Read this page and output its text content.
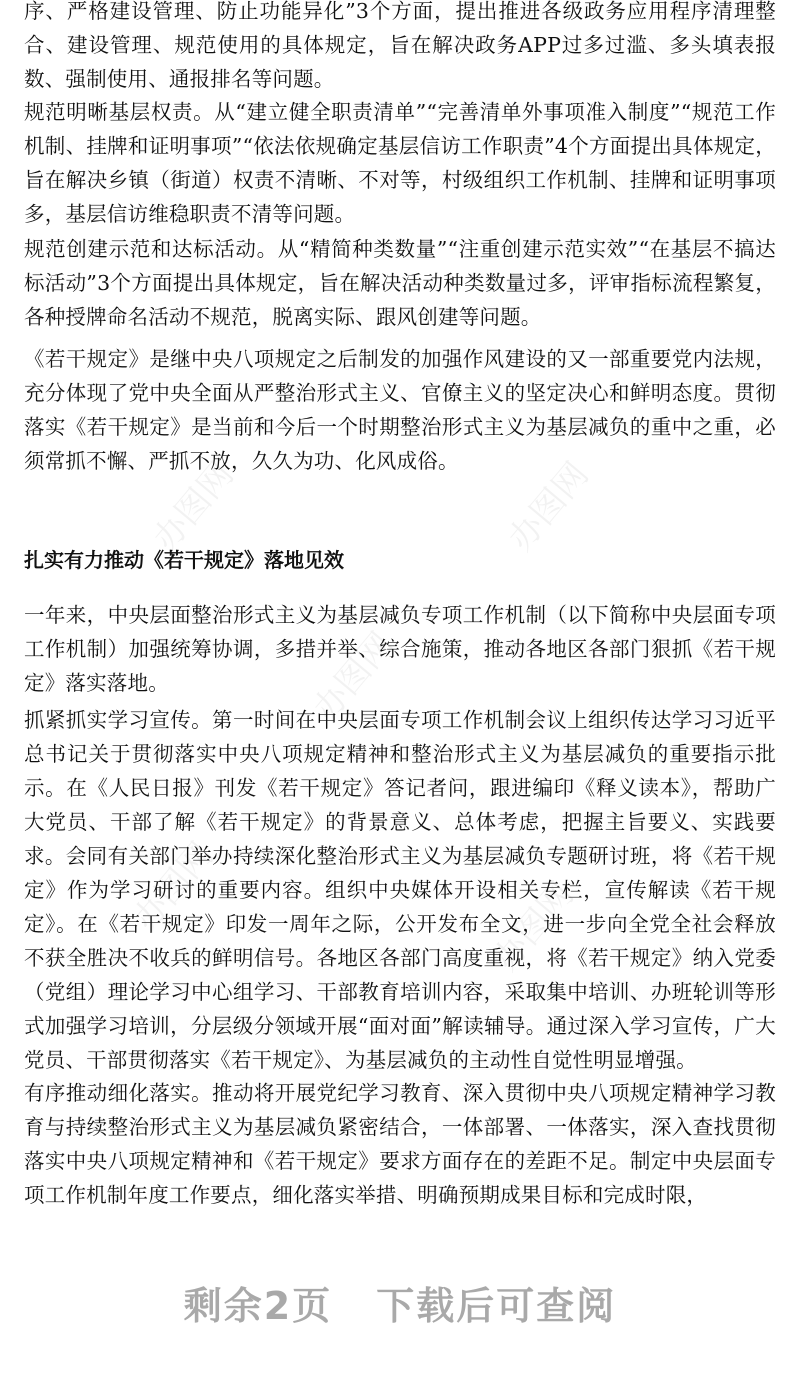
办图网	办图网
办图网
办图网	办图网

序、严格建设管理、防止功能异化”3个方面，提出推进各级政务应用程序清理整合、建设管理、规范使用的具体规定，旨在解决政务APP过多过滥、多头填表报数、强制使用、通报排名等问题。

规范明晰基层权责。从“建立健全职责清单”“完善清单外事项准入制度”“规范工作机制、挂牌和证明事项”“依法依规确定基层信访工作职责”4个方面提出具体规定，旨在解决乡镇（街道）权责不清晰、不对等，村级组织工作机制、挂牌和证明事项多，基层信访维稳职责不清等问题。

规范创建示范和达标活动。从“精简种类数量”“注重创建示范实效”“在基层不搞达标活动”3个方面提出具体规定，旨在解决活动种类数量过多，评审指标流程繁复，各种授牌命名活动不规范，脱离实际、跟风创建等问题。

《若干规定》是继中央八项规定之后制发的加强作风建设的又一部重要党内法规，充分体现了党中央全面从严整治形式主义、官僚主义的坚定决心和鲜明态度。贯彻落实《若干规定》是当前和今后一个时期整治形式主义为基层减负的重中之重，必须常抓不懈、严抓不放，久久为功、化风成俗。

扎实有力推动《若干规定》落地见效

一年来，中央层面整治形式主义为基层减负专项工作机制（以下简称中央层面专项工作机制）加强统筹协调，多措并举、综合施策，推动各地区各部门狠抓《若干规定》落实落地。

抓紧抓实学习宣传。第一时间在中央层面专项工作机制会议上组织传达学习习近平总书记关于贯彻落实中央八项规定精神和整治形式主义为基层减负的重要指示批示。在《人民日报》刊发《若干规定》答记者问，跟进编印《释义读本》，帮助广大党员、干部了解《若干规定》的背景意义、总体考虑，把握主旨要义、实践要求。会同有关部门举办持续深化整治形式主义为基层减负专题研讨班，将《若干规定》作为学习研讨的重要内容。组织中央媒体开设相关专栏，宣传解读《若干规定》。在《若干规定》印发一周年之际，公开发布全文，进一步向全党全社会释放不获全胜决不收兵的鲜明信号。各地区各部门高度重视，将《若干规定》纳入党委（党组）理论学习中心组学习、干部教育培训内容，采取集中培训、办班轮训等形式加强学习培训，分层级分领域开展“面对面”解读辅导。通过深入学习宣传，广大党员、干部贯彻落实《若干规定》、为基层减负的主动性自觉性明显增强。

有序推动细化落实。推动将开展党纪学习教育、深入贯彻中央八项规定精神学习教育与持续整治形式主义为基层减负紧密结合，一体部署、一体落实，深入查找贯彻落实中央八项规定精神和《若干规定》要求方面存在的差距不足。制定中央层面专项工作机制年度工作要点，细化落实举措、明确预期成果目标和完成时限，

剩余2页 下载后可查阅
